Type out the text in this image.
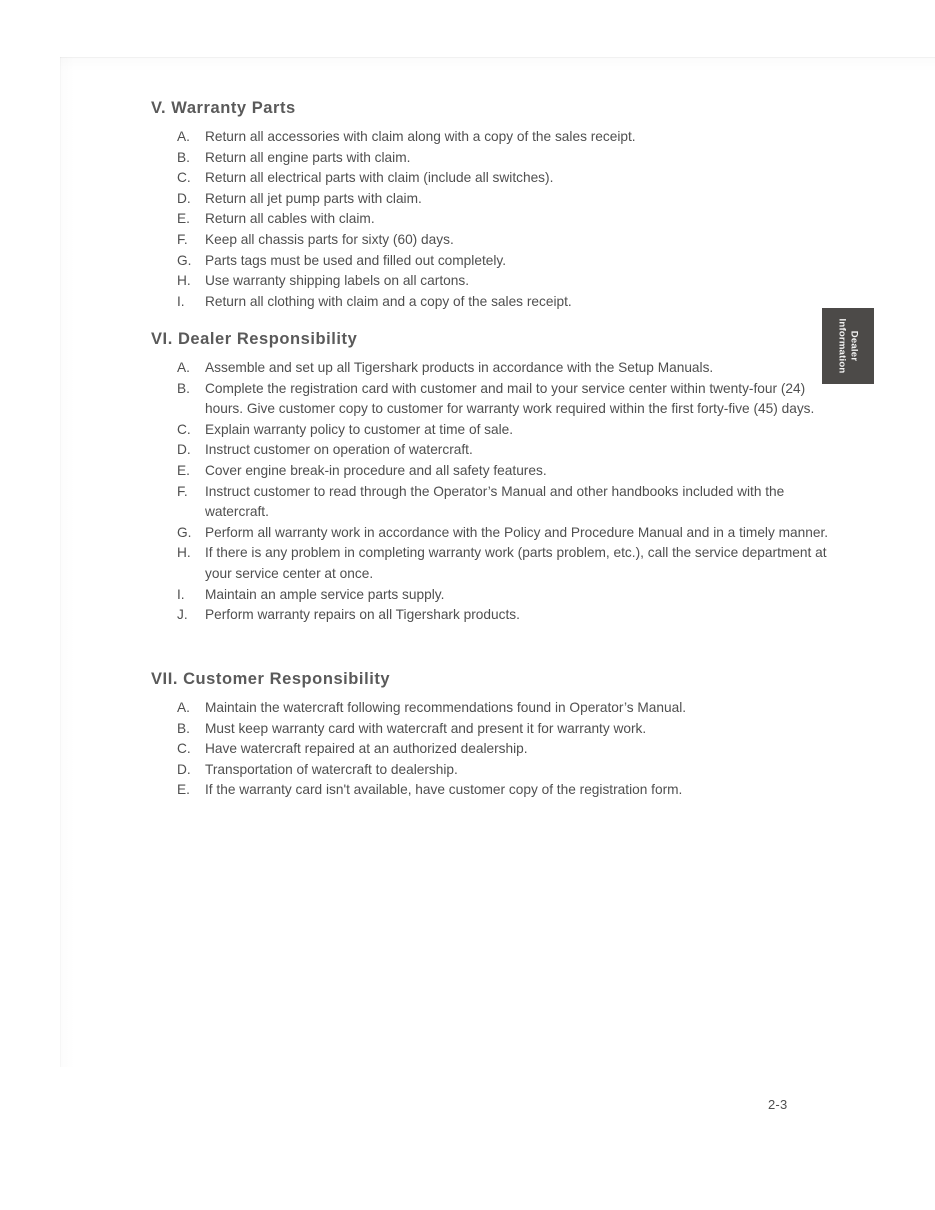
V. Warranty Parts
A.	Return all accessories with claim along with a copy of the sales receipt.
B.	Return all engine parts with claim.
C.	Return all electrical parts with claim (include all switches).
D.	Return all jet pump parts with claim.
E.	Return all cables with claim.
F.	Keep all chassis parts for sixty (60) days.
G. Parts tags must be used and filled out completely.
H.	Use warranty shipping labels on all cartons.
I.	Return all clothing with claim and a copy of the sales receipt.
VI. Dealer Responsibility
A.	Assemble and set up all Tigershark products in accordance with the Setup Manuals.
B.	Complete the registration card with customer and mail to your service center within twenty-four (24) hours. Give customer copy to customer for warranty work required within the first forty-five (45) days.
C.	Explain warranty policy to customer at time of sale.
D.	Instruct customer on operation of watercraft.
E.	Cover engine break-in procedure and all safety features.
F.	Instruct customer to read through the Operator’s Manual and other handbooks included with the watercraft.
G. Perform all warranty work in accordance with the Policy and Procedure Manual and in a timely manner.
H.	If there is any problem in completing warranty work (parts problem, etc.), call the service department at your service center at once.
I.	Maintain an ample service parts supply.
J.	Perform warranty repairs on all Tigershark products.
VII. Customer Responsibility
A.	Maintain the watercraft following recommendations found in Operator’s Manual.
B.	Must keep warranty card with watercraft and present it for warranty work.
C.	Have watercraft repaired at an authorized dealership.
D.	Transportation of watercraft to dealership.
E.	If the warranty card isn't available, have customer copy of the registration form.
Dealer
Information
2-3
